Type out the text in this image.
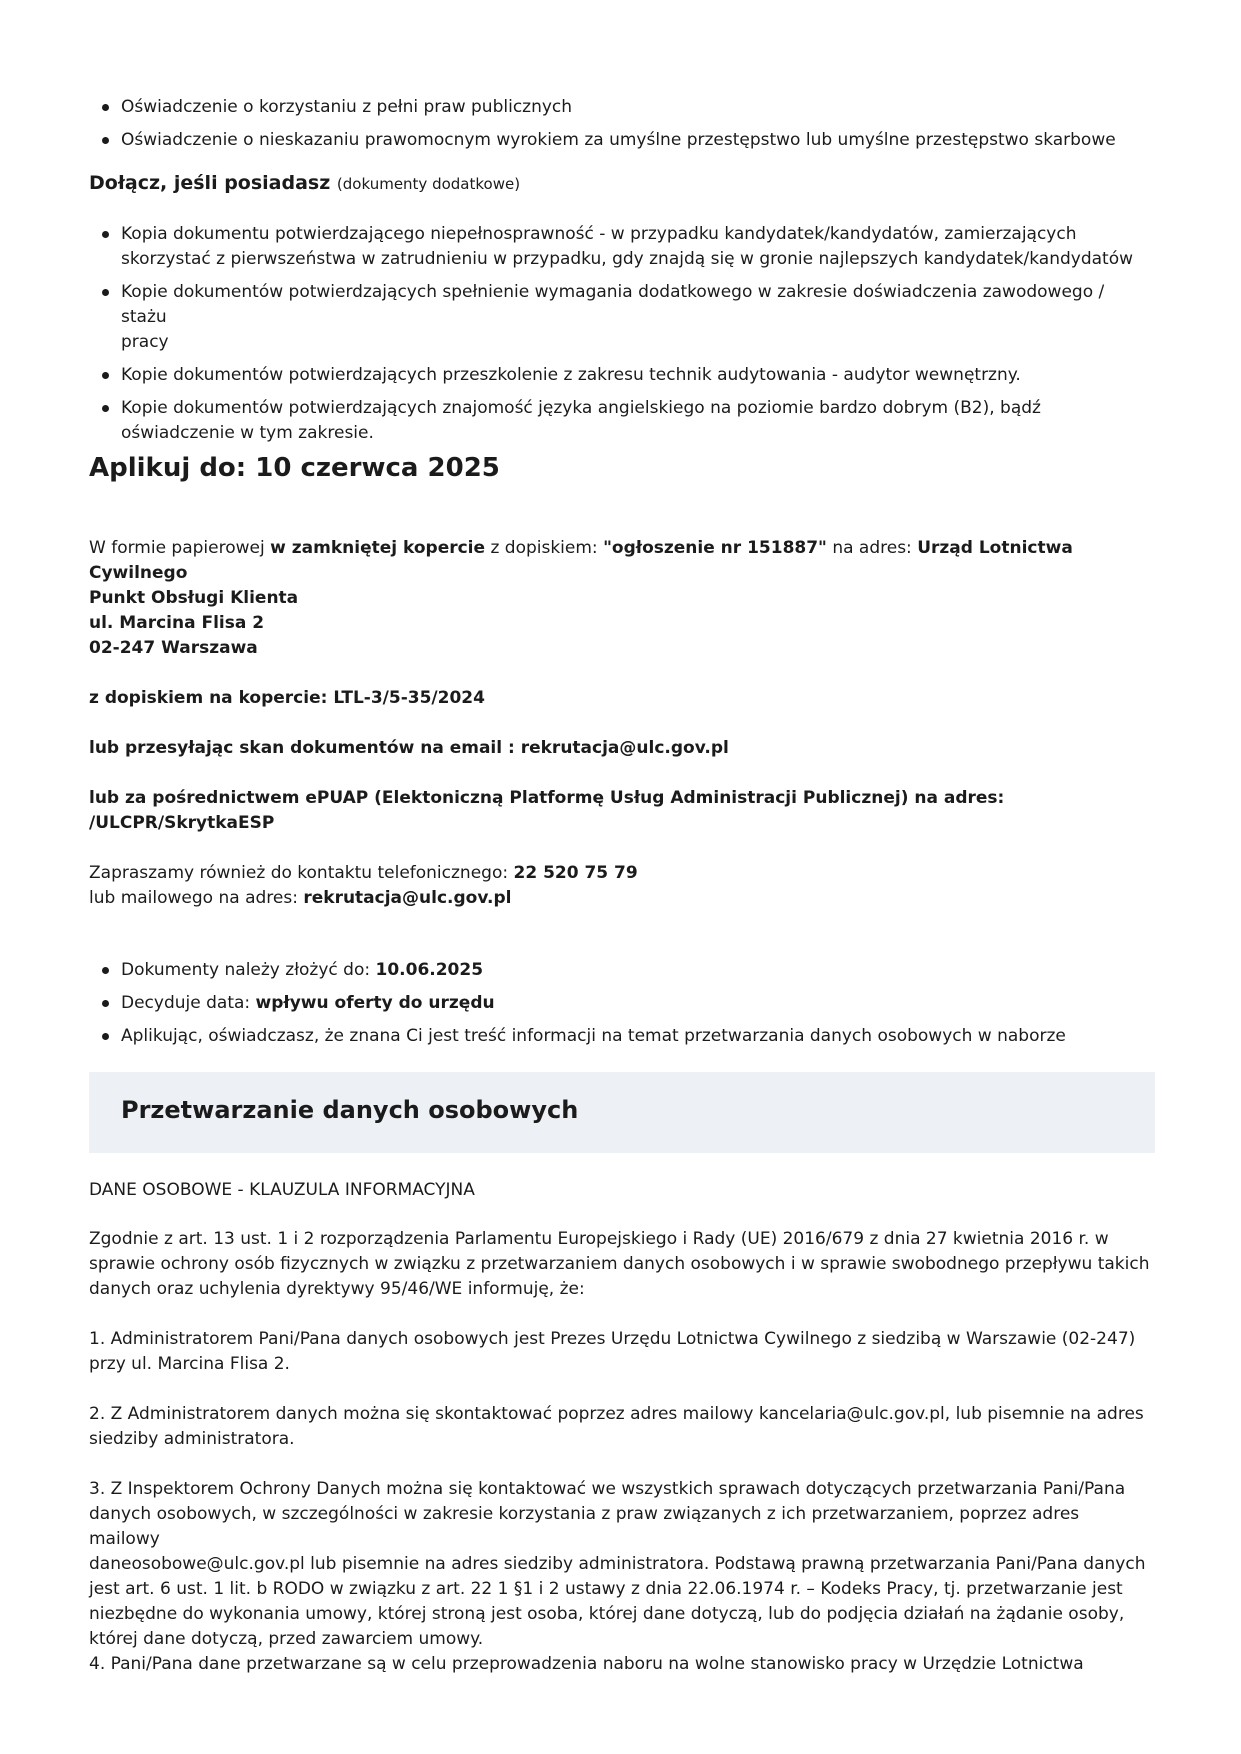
Oświadczenie o korzystaniu z pełni praw publicznych
Oświadczenie o nieskazaniu prawomocnym wyrokiem za umyślne przestępstwo lub umyślne przestępstwo skarbowe
Dołącz, jeśli posiadasz (dokumenty dodatkowe)
Kopia dokumentu potwierdzającego niepełnosprawność - w przypadku kandydatek/kandydatów, zamierzających
skorzystać z pierwszeństwa w zatrudnieniu w przypadku, gdy znajdą się w gronie najlepszych kandydatek/kandydatów
Kopie dokumentów potwierdzających spełnienie wymagania dodatkowego w zakresie doświadczenia zawodowego / stażu
pracy
Kopie dokumentów potwierdzających przeszkolenie z zakresu technik audytowania - audytor wewnętrzny.
Kopie dokumentów potwierdzających znajomość języka angielskiego na poziomie bardzo dobrym (B2), bądź
oświadczenie w tym zakresie.
Aplikuj do: 10 czerwca 2025

W formie papierowej w zamkniętej kopercie z dopiskiem: "ogłoszenie nr 151887" na adres: Urząd Lotnictwa
Cywilnego
Punkt Obsługi Klienta
ul. Marcina Flisa 2
02-247 Warszawa

z dopiskiem na kopercie: LTL-3/5-35/2024

lub przesyłając skan dokumentów na email : rekrutacja@ulc.gov.pl

lub za pośrednictwem ePUAP (Elektoniczną Platformę Usług Administracji Publicznej) na adres:
/ULCPR/SkrytkaESP

Zapraszamy również do kontaktu telefonicznego: 22 520 75 79
lub mailowego na adres: rekrutacja@ulc.gov.pl

Dokumenty należy złożyć do: 10.06.2025
Decyduje data: wpływu oferty do urzędu
Aplikując, oświadczasz, że znana Ci jest treść informacji na temat przetwarzania danych osobowych w naborze
Przetwarzanie danych osobowych

DANE OSOBOWE - KLAUZULA INFORMACYJNA

Zgodnie z art. 13 ust. 1 i 2 rozporządzenia Parlamentu Europejskiego i Rady (UE) 2016/679 z dnia 27 kwietnia 2016 r. w
sprawie ochrony osób fizycznych w związku z przetwarzaniem danych osobowych i w sprawie swobodnego przepływu takich
danych oraz uchylenia dyrektywy 95/46/WE informuję, że:

1. Administratorem Pani/Pana danych osobowych jest Prezes Urzędu Lotnictwa Cywilnego z siedzibą w Warszawie (02-247)
przy ul. Marcina Flisa 2.

2. Z Administratorem danych można się skontaktować poprzez adres mailowy kancelaria@ulc.gov.pl, lub pisemnie na adres
siedziby administratora.

3. Z Inspektorem Ochrony Danych można się kontaktować we wszystkich sprawach dotyczących przetwarzania Pani/Pana
danych osobowych, w szczególności w zakresie korzystania z praw związanych z ich przetwarzaniem, poprzez adres mailowy
daneosobowe@ulc.gov.pl lub pisemnie na adres siedziby administratora. Podstawą prawną przetwarzania Pani/Pana danych
jest art. 6 ust. 1 lit. b RODO w związku z art. 22 1 §1 i 2 ustawy z dnia 22.06.1974 r. – Kodeks Pracy, tj. przetwarzanie jest
niezbędne do wykonania umowy, której stroną jest osoba, której dane dotyczą, lub do podjęcia działań na żądanie osoby,
której dane dotyczą, przed zawarciem umowy.

4. Pani/Pana dane przetwarzane są w celu przeprowadzenia naboru na wolne stanowisko pracy w Urzędzie Lotnictwa
